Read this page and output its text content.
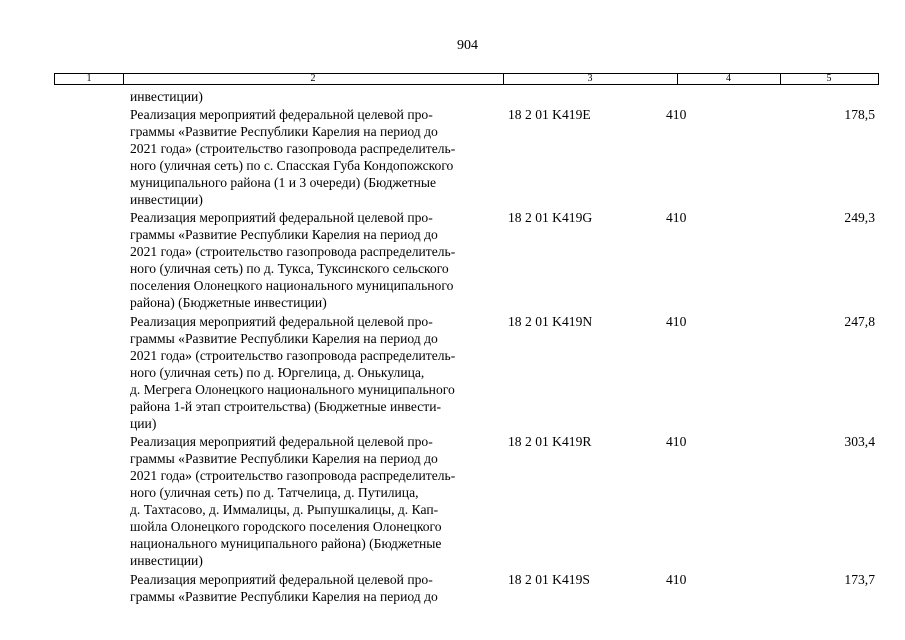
904
1	2	3	4	5
инвестиции)
Реализация мероприятий федеральной целевой про-
граммы «Развитие Республики Карелия на период до
2021 года» (строительство газопровода распределитель-
ного (уличная сеть) по с. Спасская Губа Кондопожского
муниципального района (1 и 3 очереди) (Бюджетные
инвестиции)
18 2 01 K419E	410	178,5
Реализация мероприятий федеральной целевой про-
граммы «Развитие Республики Карелия на период до
2021 года» (строительство газопровода распределитель-
ного (уличная сеть) по д. Тукса, Туксинского сельского
поселения Олонецкого национального муниципального
района) (Бюджетные инвестиции)
18 2 01 K419G	410	249,3
Реализация мероприятий федеральной целевой про-
граммы «Развитие Республики Карелия на период до
2021 года» (строительство газопровода распределитель-
ного (уличная сеть) по д. Юргелица, д. Онькулица,
д. Мегрега Олонецкого национального муниципального
района 1-й этап строительства) (Бюджетные инвести-
ции)
18 2 01 K419N	410	247,8
Реализация мероприятий федеральной целевой про-
граммы «Развитие Республики Карелия на период до
2021 года» (строительство газопровода распределитель-
ного (уличная сеть) по д. Татчелица, д. Путилица,
д. Тахтасово, д. Иммалицы, д. Рыпушкалицы, д. Кап-
шойла Олонецкого городского поселения Олонецкого
национального муниципального района) (Бюджетные
инвестиции)
18 2 01 K419R	410	303,4
Реализация мероприятий федеральной целевой про-
граммы «Развитие Республики Карелия на период до
18 2 01 K419S	410	173,7
